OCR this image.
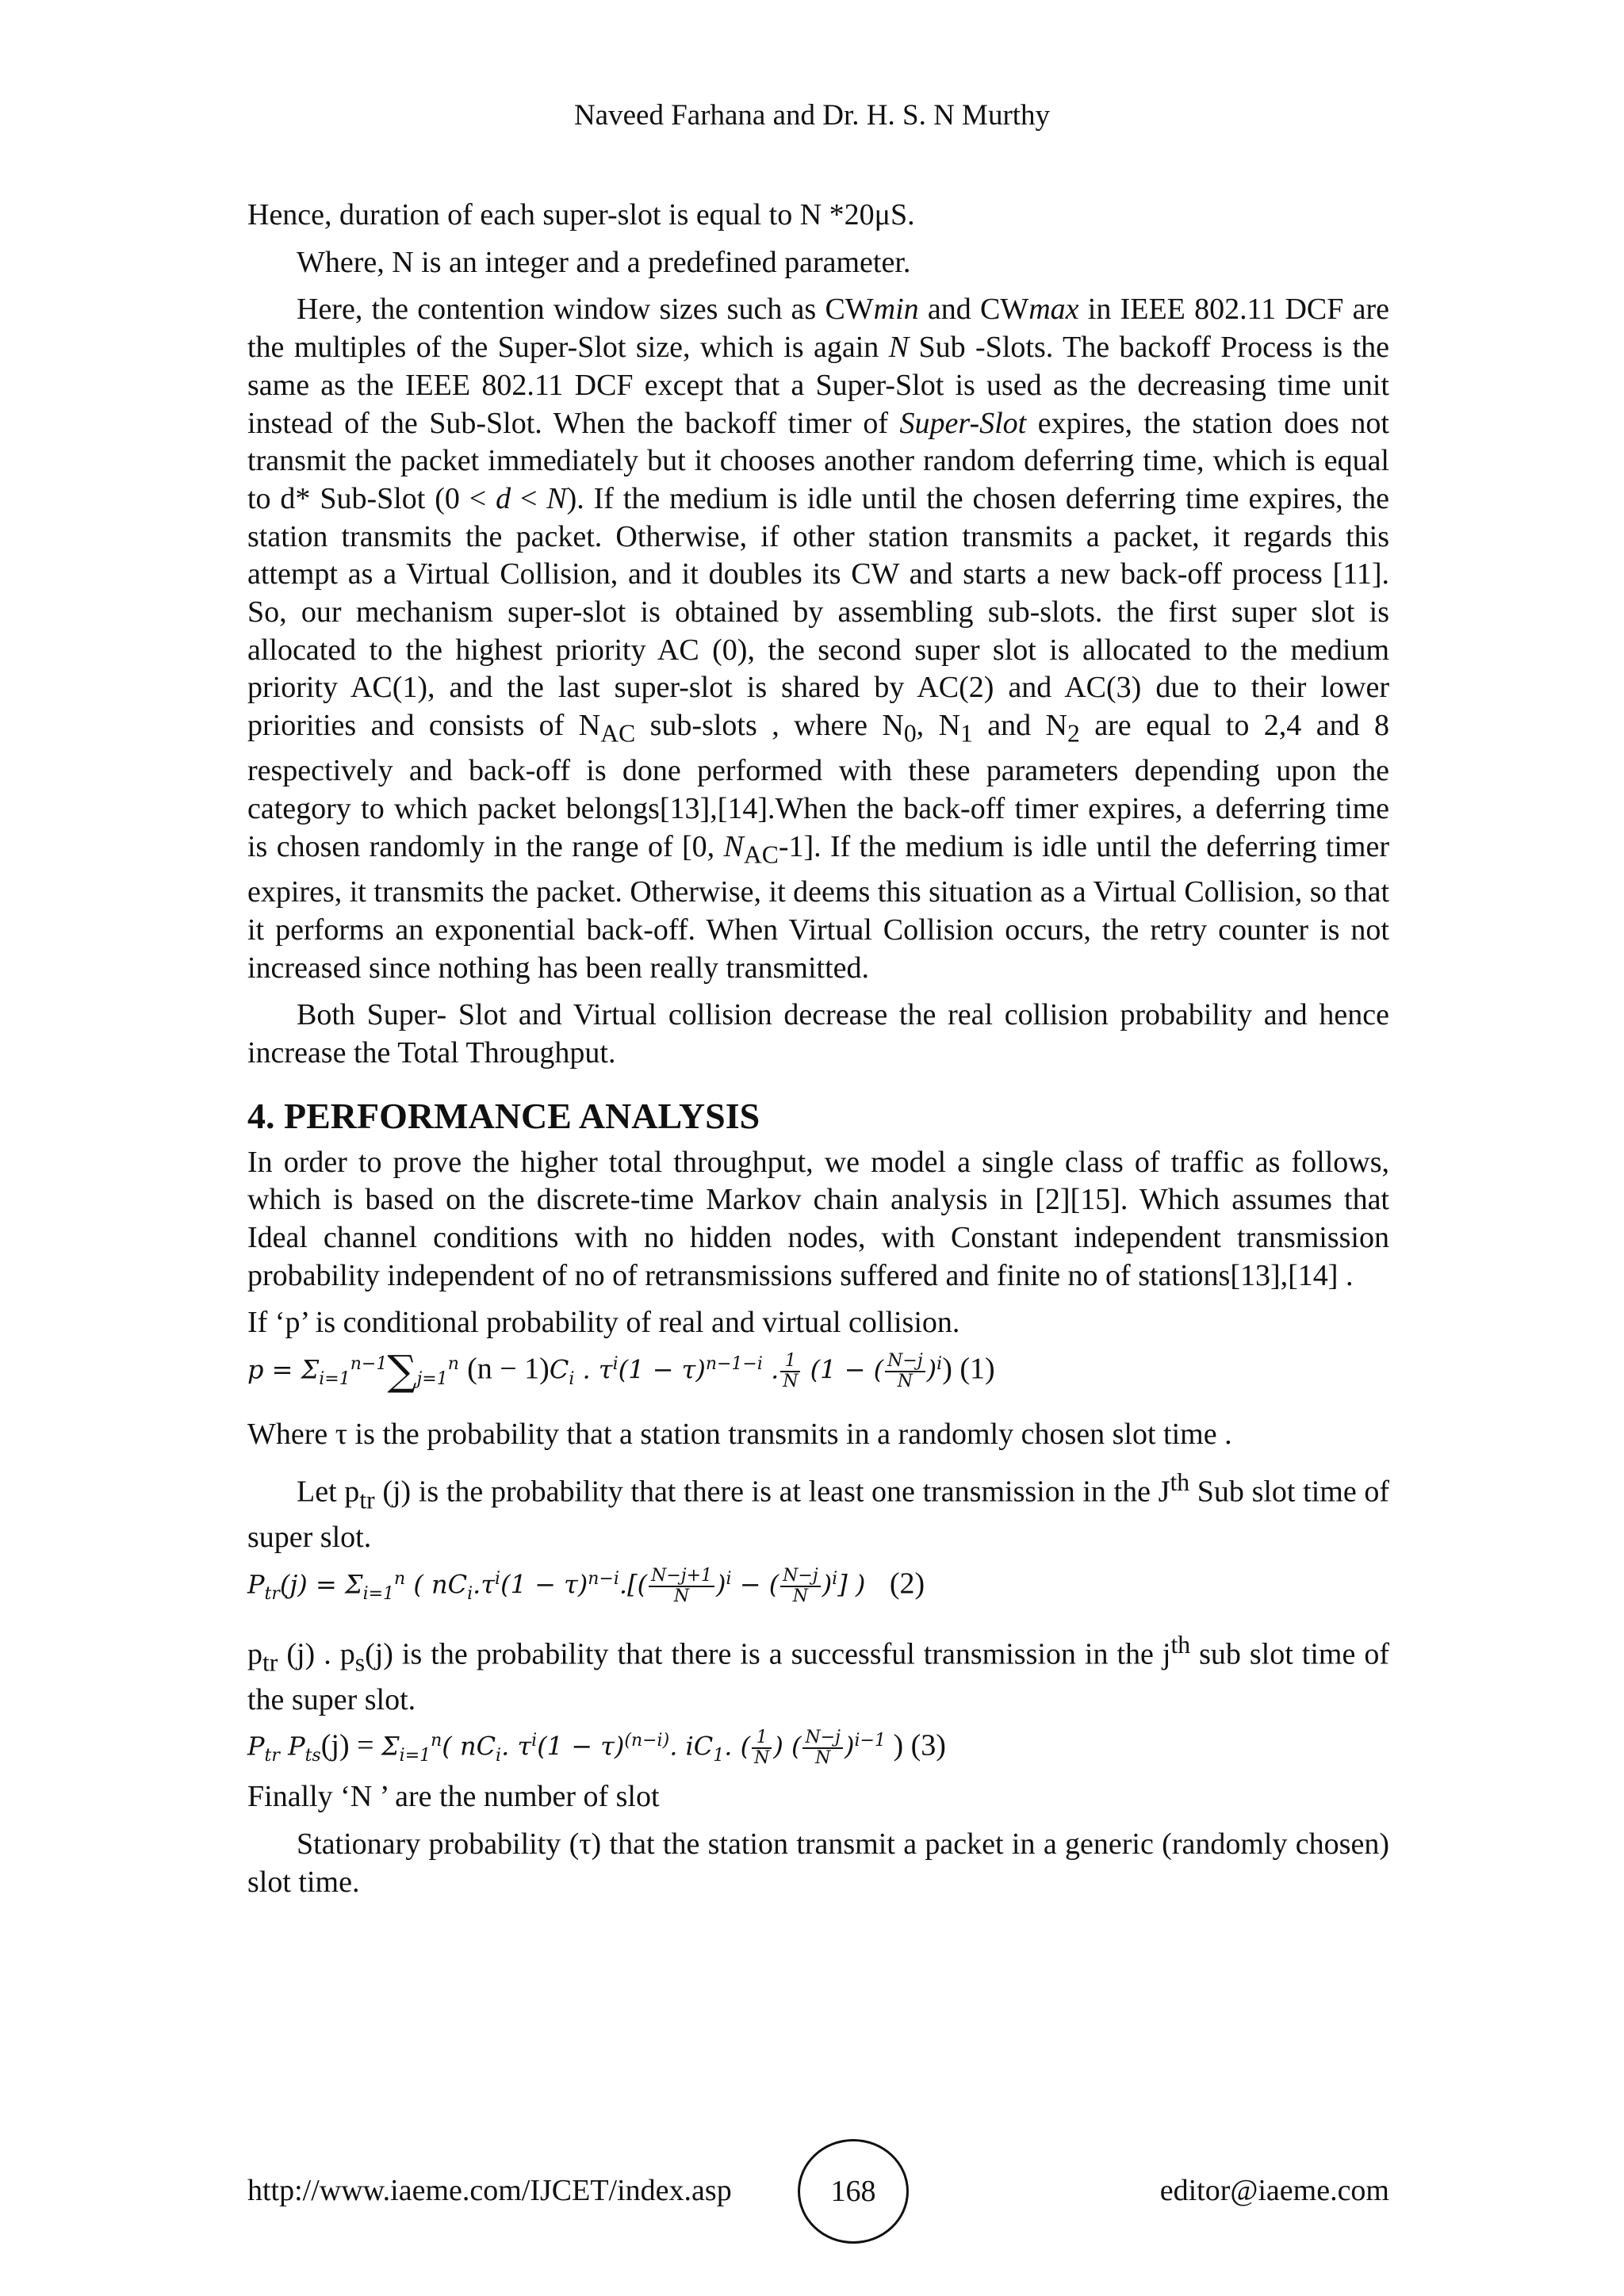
Naveed Farhana and Dr. H. S. N Murthy

Hence, duration of each super-slot is equal to N *20μS.

Where, N is an integer and a predefined parameter.

Here, the contention window sizes such as CWmin and CWmax in IEEE 802.11 DCF are the multiples of the Super-Slot size, which is again N Sub -Slots. The backoff Process is the same as the IEEE 802.11 DCF except that a Super-Slot is used as the decreasing time unit instead of the Sub-Slot. When the backoff timer of Super-Slot expires, the station does not transmit the packet immediately but it chooses another random deferring time, which is equal to d* Sub-Slot (0 < d < N). If the medium is idle until the chosen deferring time expires, the station transmits the packet. Otherwise, if other station transmits a packet, it regards this attempt as a Virtual Collision, and it doubles its CW and starts a new back-off process [11]. So, our mechanism super-slot is obtained by assembling sub-slots. the first super slot is allocated to the highest priority AC (0), the second super slot is allocated to the medium priority AC(1), and the last super-slot is shared by AC(2) and AC(3) due to their lower priorities and consists of $N_{AC}$ sub-slots , where $N_0$, $N_1$ and $N_2$ are equal to 2,4 and 8 respectively and back-off is done performed with these parameters depending upon the category to which packet belongs[13],[14].When the back-off timer expires, a deferring time is chosen randomly in the range of [0, $N_{AC}-1$]. If the medium is idle until the deferring timer expires, it transmits the packet. Otherwise, it deems this situation as a Virtual Collision, so that it performs an exponential back-off. When Virtual Collision occurs, the retry counter is not increased since nothing has been really transmitted.

Both Super- Slot and Virtual collision decrease the real collision probability and hence increase the Total Throughput.

4. PERFORMANCE ANALYSIS

In order to prove the higher total throughput, we model a single class of traffic as follows, which is based on the discrete-time Markov chain analysis in [2][15]. Which assumes that Ideal channel conditions with no hidden nodes, with Constant independent transmission probability independent of no of retransmissions suffered and finite no of stations[13],[14] .

If ‘p’ is conditional probability of real and virtual collision.

$p = \Sigma_{i=1}^{n-1}\sum_{j=1}^n$ $(n - 1)C_i$ . $\tau^i(1 - \tau)^{n-1-i}$ . $\frac{1}{N} (1$ − ( $\frac{N-j}{N} )^i$) (1)

Where τ is the probability that a station transmits in a randomly chosen slot time .

Let $p_{tr}$ (j) is the probability that there is at least one transmission in the $J^{th}$ Sub slot time of super slot.

$P_{tr}(j) = \Sigma_{i=1}^n$ ( $nC_i.\tau^i(1 - \tau)^{n-i}.[( \frac{N-j+1}{N} )^i$ − ( $\frac{N-j}{N} )^i$] ) (2)

$p_{tr}$ (j) . $p_s(j)$ is the probability that there is a successful transmission in the $j^{th}$ sub slot time of the super slot.

$P_{tr}$ $P_{ts}(j) = \Sigma_{i=1}^n$( $nC_i$. $\tau^i(1 - \tau)^{(n-i)}$. $iC_1$. ( $\frac{1}{N}$ ) ( $\frac{N-j}{N} )^{i-1}$ ) (3)

Finally ‘N ’ are the number of slot

Stationary probability (τ) that the station transmit a packet in a generic (randomly chosen) slot time.

http://www.iaeme.com/IJCET/index.asp	168	editor@iaeme.com
